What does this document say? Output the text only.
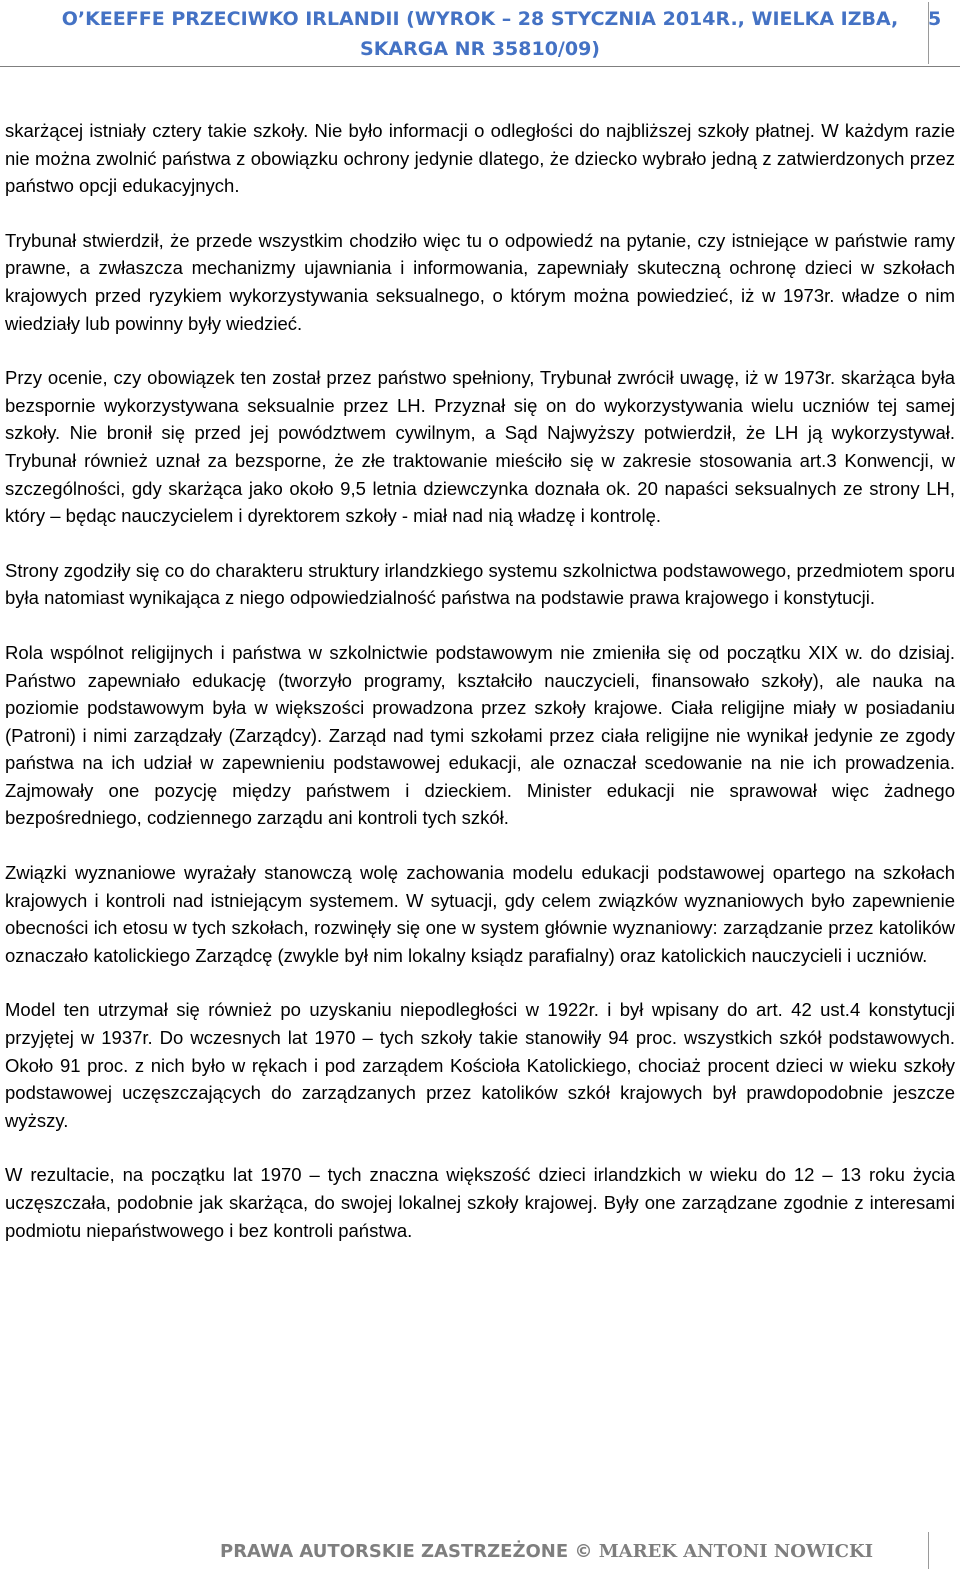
O’KEEFFE PRZECIWKO IRLANDII (WYROK – 28 STYCZNIA 2014R., WIELKA IZBA, SKARGA NR 35810/09)
5

skarżącej istniały cztery takie szkoły. Nie było informacji o odległości do najbliższej szkoły płatnej. W każdym razie nie można zwolnić państwa z obowiązku ochrony jedynie dlatego, że dziecko wybrało jedną z zatwierdzonych przez państwo opcji edukacyjnych.

Trybunał stwierdził, że przede wszystkim chodziło więc tu o odpowiedź na pytanie, czy istniejące w państwie ramy prawne, a zwłaszcza mechanizmy ujawniania i informowania, zapewniały skuteczną ochronę dzieci w szkołach krajowych przed ryzykiem wykorzystywania seksualnego, o którym można powiedzieć, iż w 1973r. władze o nim wiedziały lub powinny były wiedzieć.

Przy ocenie, czy obowiązek ten został przez państwo spełniony, Trybunał zwrócił uwagę, iż w 1973r. skarżąca była bezspornie wykorzystywana seksualnie przez LH. Przyznał się on do wykorzystywania wielu uczniów tej samej szkoły. Nie bronił się przed jej powództwem cywilnym, a Sąd Najwyższy potwierdził, że LH ją wykorzystywał. Trybunał również uznał za bezsporne, że złe traktowanie mieściło się w zakresie stosowania art.3 Konwencji, w szczególności, gdy skarżąca jako około 9,5 letnia dziewczynka doznała ok. 20 napaści seksualnych ze strony LH, który – będąc nauczycielem i dyrektorem szkoły - miał nad nią władzę i kontrolę.

Strony zgodziły się co do charakteru struktury irlandzkiego systemu szkolnictwa podstawowego, przedmiotem sporu była natomiast wynikająca z niego odpowiedzialność państwa na podstawie prawa krajowego i konstytucji.

Rola wspólnot religijnych i państwa w szkolnictwie podstawowym nie zmieniła się od początku XIX w. do dzisiaj. Państwo zapewniało edukację (tworzyło programy, kształciło nauczycieli, finansowało szkoły), ale nauka na poziomie podstawowym była w większości prowadzona przez szkoły krajowe. Ciała religijne miały w posiadaniu (Patroni) i nimi zarządzały (Zarządcy). Zarząd nad tymi szkołami przez ciała religijne nie wynikał jedynie ze zgody państwa na ich udział w zapewnieniu podstawowej edukacji, ale oznaczał scedowanie na nie ich prowadzenia. Zajmowały one pozycję między państwem i dzieckiem. Minister edukacji nie sprawował więc żadnego bezpośredniego, codziennego zarządu ani kontroli tych szkół.

Związki wyznaniowe wyrażały stanowczą wolę zachowania modelu edukacji podstawowej opartego na szkołach krajowych i kontroli nad istniejącym systemem. W sytuacji, gdy celem związków wyznaniowych było zapewnienie obecności ich etosu w tych szkołach, rozwinęły się one w system głównie wyznaniowy: zarządzanie przez katolików oznaczało katolickiego Zarządcę (zwykle był nim lokalny ksiądz parafialny) oraz katolickich nauczycieli i uczniów.

Model ten utrzymał się również po uzyskaniu niepodległości w 1922r. i był wpisany do art. 42 ust.4 konstytucji przyjętej w 1937r. Do wczesnych lat 1970 – tych szkoły takie stanowiły 94 proc. wszystkich szkół podstawowych. Około 91 proc. z nich było w rękach i pod zarządem Kościoła Katolickiego, chociaż procent dzieci w wieku szkoły podstawowej uczęszczających do zarządzanych przez katolików szkół krajowych był prawdopodobnie jeszcze wyższy.

W rezultacie, na początku lat 1970 – tych znaczna większość dzieci irlandzkich w wieku do 12 – 13 roku życia uczęszczała, podobnie jak skarżąca, do swojej lokalnej szkoły krajowej. Były one zarządzane zgodnie z interesami podmiotu niepaństwowego i bez kontroli państwa.

PRAWA AUTORSKIE ZASTRZEŻONE © MAREK ANTONI NOWICKI
